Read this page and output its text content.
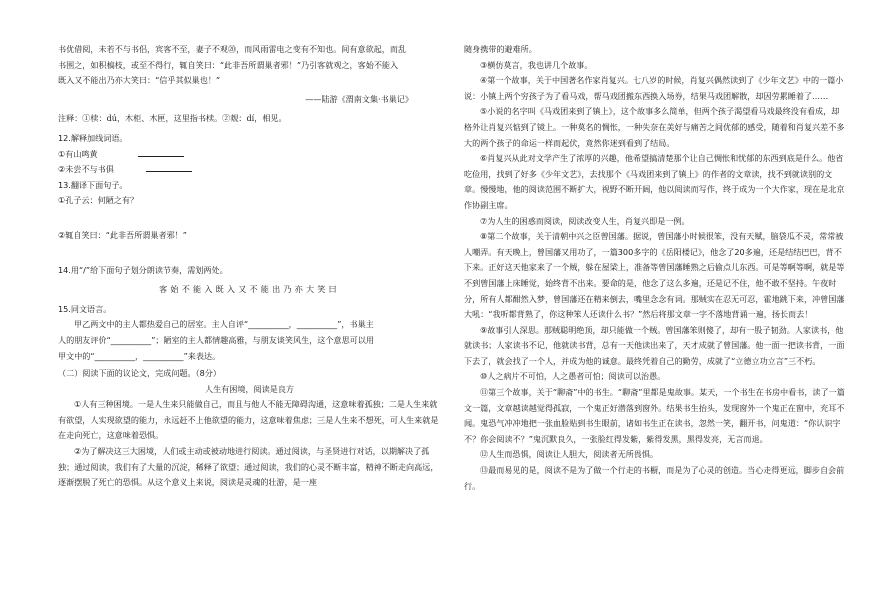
书优借阅，未若不与书侣，宾客不至，妻子不观⑳，而风雨雷电之变有不知也。间有意欲起，而乱

书围之，如积槁枝，或至不得行，辄自笑曰：“此非吾所谓巢者邪！”乃引客就观之，客始不能入

既入又不能出乃亦大笑曰：“信乎其似巢也！”

——陆游《渭南文集·书巢记》

注释：①椟：dú，木柜、木匣，这里指书椟。②觌：dí，相见。

12.解释加线词语。

①有山鸣黄

②未尝不与书俱

13.翻译下面句子。

①孔子云：何陋之有？

②辄自笑曰：“此非吾所谓巢者邪！”

14.用“/”给下面句子划分朗读节奏，需划两处。

客始不能入既入又不能出乃亦大笑曰

15.同文语言。

甲乙两文中的主人都热爱自己的居室。主人自评“__________，__________”，书巢主

人的朋友评价“__________”；陋室的主人都情趣高雅，与朋友谈笑风生，这个意思可以用

甲文中的“__________，__________”来表达。

（二）阅读下面的议论文，完成问题。（8分）

人生有困境，阅读是良方

①人有三种困境。一是人生来只能做自己，而且与他人不能无障碍沟通，这意味着孤独；二是人生来就有欲望，人实现欲望的能力，永远赶不上他欲望的能力，这意味着焦虑；三是人生来不想死，可人生来就是在走向死亡，这意味着恐惧。

②为了解决这三大困境，人们或主动或被动地进行阅读。通过阅读，与圣贤进行对话，以期解决了孤独；通过阅读，我们有了大量的沉淀，稀释了欲望；通过阅读，我们的心灵不断丰富，精神不断走向高远，逐渐摆脱了死亡的恐惧。从这个意义上来说，阅读是灵魂的壮游，是一座

随身携带的避难所。

③横仿莫言，我也讲几个故事。

④第一个故事，关于中国著名作家肖复兴。七八岁的时候，肖复兴偶然读到了《少年文艺》中的一篇小说：小镇上两个穷孩子为了看马戏，帮马戏团搬东西换入场券，结果马戏团解散，却因劳累睡着了……

⑤小说的名字叫《马戏团来到了镇上》，这个故事多么简单，但两个孩子渴望看马戏最终没有看成，却格外让肖复兴惦到了镜上。一种莫名的惆怅，一种失奈在美好与痛苦之间优郁的感受，随着和肖复兴差不多大的两个孩子的命运一样而起伏，竟然你迷到看到了结局。

⑥肖复兴从此对文学产生了浓厚的兴趣，他希望搞清楚那个让自己惆怅和忧郁的东西到底是什么。他省吃俭用，找到了好多《少年文艺》，去找那个《马戏团来到了镇上》的作者的文章读，找不到就读别的文章。慢慢地，他的阅读范围不断扩大，视野不断开阔，他以阅读而写作，终于成为一个大作家，现在是北京作协副主席。

⑦为人生的困惑而阅读，阅读改变人生，肖复兴即是一例。

⑧第二个故事，关于清朝中兴之臣曾国藩。据说，曾国藩小时候很笨，没有天赋，脑袋瓜不灵，常常被人嘲弄。有天晚上，曾国藩又用功了，一篇300多字的《岳阳楼记》，他念了20多遍，还是结结巴巴，背不下来。正好这天他家来了一个贼，躲在屋梁上，准备等曾国藩睡熟之后偷点儿东西。可是等啊等啊，就是等不到曾国藩上床睡觉，始终背不出来。要命的是，他念了这么多遍，还是记不住，他不敢不坚持。午夜时分，所有人都酣然入梦，曾国藩还在精来倒去，嘴里念念有词。那贼实在忍无可忍，霍地跳下来，冲曾国藩大吼：“我听都背熟了，你这种笨人还读什么书？”然后将那文章一字不落地背诵一遍，扬长而去！

⑨故事引人深思。那贼聪明绝顶，却只能做一个贼。曾国藩笨则傻了，却有一股子韧劲。人家读书，他就读书；人家读书不记，他就读书背，总有一天他读出来了，天才成就了曾国藩。他一面一把读书背，一面下去了，就会找了一个人，并成为他的诚意。最终凭着自己的勤劳，成就了“立德立功立言”三不朽。

⑩人之病片不可怕，人之愚者可怕；阅读可以治愚。

⑪第三个故事，关于“聊斋”中的书生。“聊斋”里都是鬼故事。某天，一个书生在书房中看书，读了一篇文一篇，文章越读越觉得孤寂，一个鬼正好潜落到窗外。结果书生抬头，发现窗外一个鬼正在窗中，充耳不闻。鬼恐气冲冲地把一张血脸贴到书生眼前，诸如书生正在读书，忽然一笑，翻开书，问鬼道：“你认识字不？你会阅读不？”鬼沉默良久，一张脸红得发紫，紫得发黑，黑得发亮，无言而退。

⑫人生而恐惧，阅读让人胆大，阅读者无所畏惧。

⑬最而易见的是，阅读不是为了做一个行走的书橱，而是为了心灵的创造。当心走得更远，脚步自会前行。
